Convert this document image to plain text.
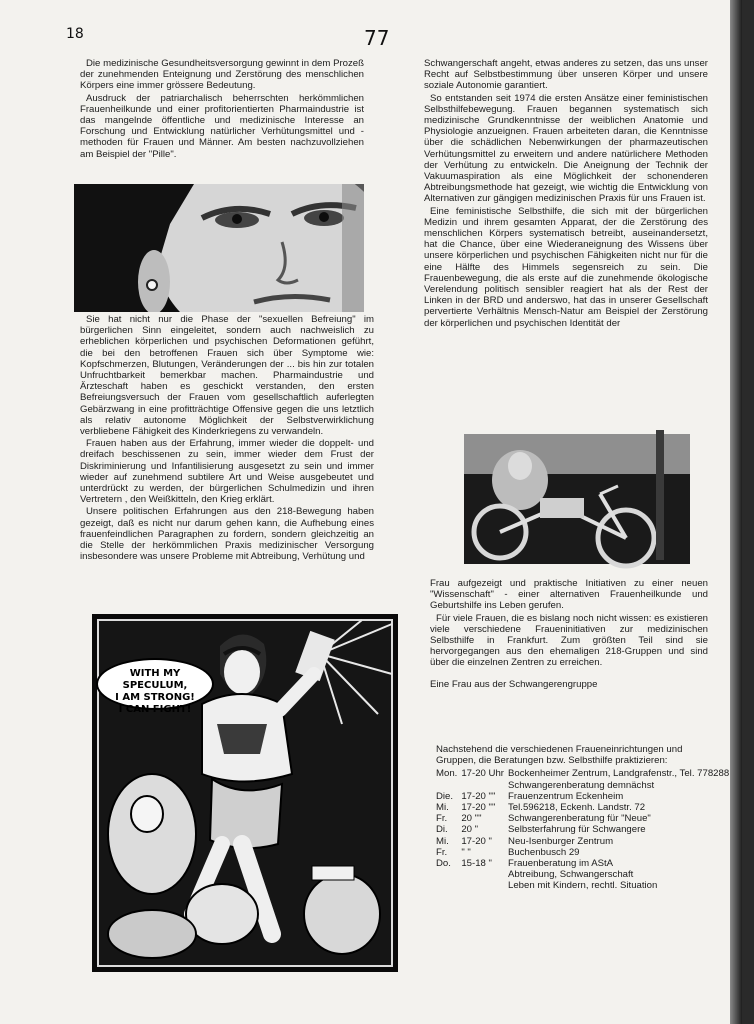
18	77

Die medizinische Gesundheitsversorgung gewinnt in dem Prozeß der zunehmenden Enteignung und Zerstörung des menschlichen Körpers eine immer grössere Bedeutung.

Ausdruck der patriarchalisch beherrschten herkömmlichen Frauenheilkunde und einer profitorientierten Pharmaindustrie ist das mangelnde öffentliche und medizinische Interesse an Forschung und Entwicklung natürlicher Verhütungsmittel und -methoden für Frauen und Männer. Am besten nachzuvollziehen am Beispiel der "Pille".

Sie hat nicht nur die Phase der "sexuellen Befreiung" im bürgerlichen Sinn eingeleitet, sondern auch nachweislich zu erheblichen körperlichen und psychischen Deformationen geführt, die bei den betroffenen Frauen sich über Symptome wie: Kopfschmerzen, Blutungen, Veränderungen der ... bis hin zur totalen Unfruchtbarkeit bemerkbar machen. Pharmaindustrie und Ärzteschaft haben es geschickt verstanden, den ersten Befreiungsversuch der Frauen vom gesellschaftlich auferlegten Gebärzwang in eine profitträchtige Offensive gegen die uns letztlich als relativ autonome Möglichkeit der Selbstverwirklichung verbliebene Fähigkeit des Kinderkriegens zu verwandeln.

Frauen haben aus der Erfahrung, immer wieder die doppelt- und dreifach beschissenen zu sein, immer wieder dem Frust der Diskriminierung und Infantilisierung ausgesetzt zu sein und immer wieder auf zunehmend subtilere Art und Weise ausgebeutet und unterdrückt zu werden, der bürgerlichen Schulmedizin und ihren Vertretern , den Weißkitteln, den Krieg erklärt.

Unsere politischen Erfahrungen aus den 218-Bewegung haben gezeigt, daß es nicht nur darum gehen kann, die Aufhebung eines frauenfeindlichen Paragraphen zu fordern, sondern gleichzeitig an die Stelle der herkömmlichen Praxis medizinischer Versorgung insbesondere was unsere Probleme mit Abtreibung, Verhütung und

WITH MY SPECULUM,
I AM STRONG!
I CAN FIGHT!

Schwangerschaft angeht, etwas anderes zu setzen, das uns unser Recht auf Selbstbestimmung über unseren Körper und unsere soziale Autonomie garantiert.

So entstanden seit 1974 die ersten Ansätze einer feministischen Selbsthilfebewegung. Frauen begannen systematisch sich medizinische Grundkenntnisse der weiblichen Anatomie und Physiologie anzueignen. Frauen arbeiteten daran, die Kenntnisse über die schädlichen Nebenwirkungen der pharmazeutischen Verhütungsmittel zu erweitern und andere natürlichere Methoden der Verhütung zu entwickeln. Die Aneignung der Technik der Vakuumaspiration als eine Möglichkeit der schonenderen Abtreibungsmethode hat gezeigt, wie wichtig die Entwicklung von Alternativen zur gängigen medizinischen Praxis für uns Frauen ist.

Eine feministische Selbsthilfe, die sich mit der bürgerlichen Medizin und ihrem gesamten Apparat, der die Zerstörung des menschlichen Körpers systematisch betreibt, auseinandersetzt, hat die Chance, über eine Wiederaneignung des Wissens über unsere körperlichen und psychischen Fähigkeiten nicht nur für die eine Hälfte des Himmels segensreich zu sein. Die Frauenbewegung, die als erste auf die zunehmende ökologische Verelendung politisch sensibler reagiert hat als der Rest der Linken in der BRD und anderswo, hat das in unserer Gesellschaft pervertierte Verhältnis Mensch-Natur am Beispiel der Zerstörung der körperlichen und psychischen Identität der

Frau aufgezeigt und praktische Initiativen zu einer neuen "Wissenschaft" - einer alternativen Frauenheilkunde und Geburtshilfe ins Leben gerufen.

Für viele Frauen, die es bislang noch nicht wissen: es existieren viele verschiedene Fraueninitiativen zur medizinischen Selbsthilfe in Frankfurt. Zum größten Teil sind sie hervorgegangen aus den ehemaligen 218-Gruppen und sind über die einzelnen Zentren zu erreichen.

Eine Frau aus der Schwangerengruppe

Nachstehend die verschiedenen Fraueneinrichtungen und Gruppen, die Beratungen bzw. Selbsthilfe praktizieren:

Mon.	17-20 Uhr	Bockenheimer Zentrum, Landgrafenstr., Tel. 778288
		Schwangerenberatung demnächst
Die.	17-20 ""	Frauenzentrum Eckenheim
Mi.	17-20 ""	Tel.596218, Eckenh. Landstr. 72
Fr.	20 ""	Schwangerenberatung für "Neue"
Di.	20 "	Selbsterfahrung für Schwangere
Mi.	17-20 "	Neu-Isenburger Zentrum
Fr.	" "	Buchenbusch 29
Do.	15-18 "	Frauenberatung im AStA
		Abtreibung, Schwangerschaft
		Leben mit Kindern, rechtl. Situation
